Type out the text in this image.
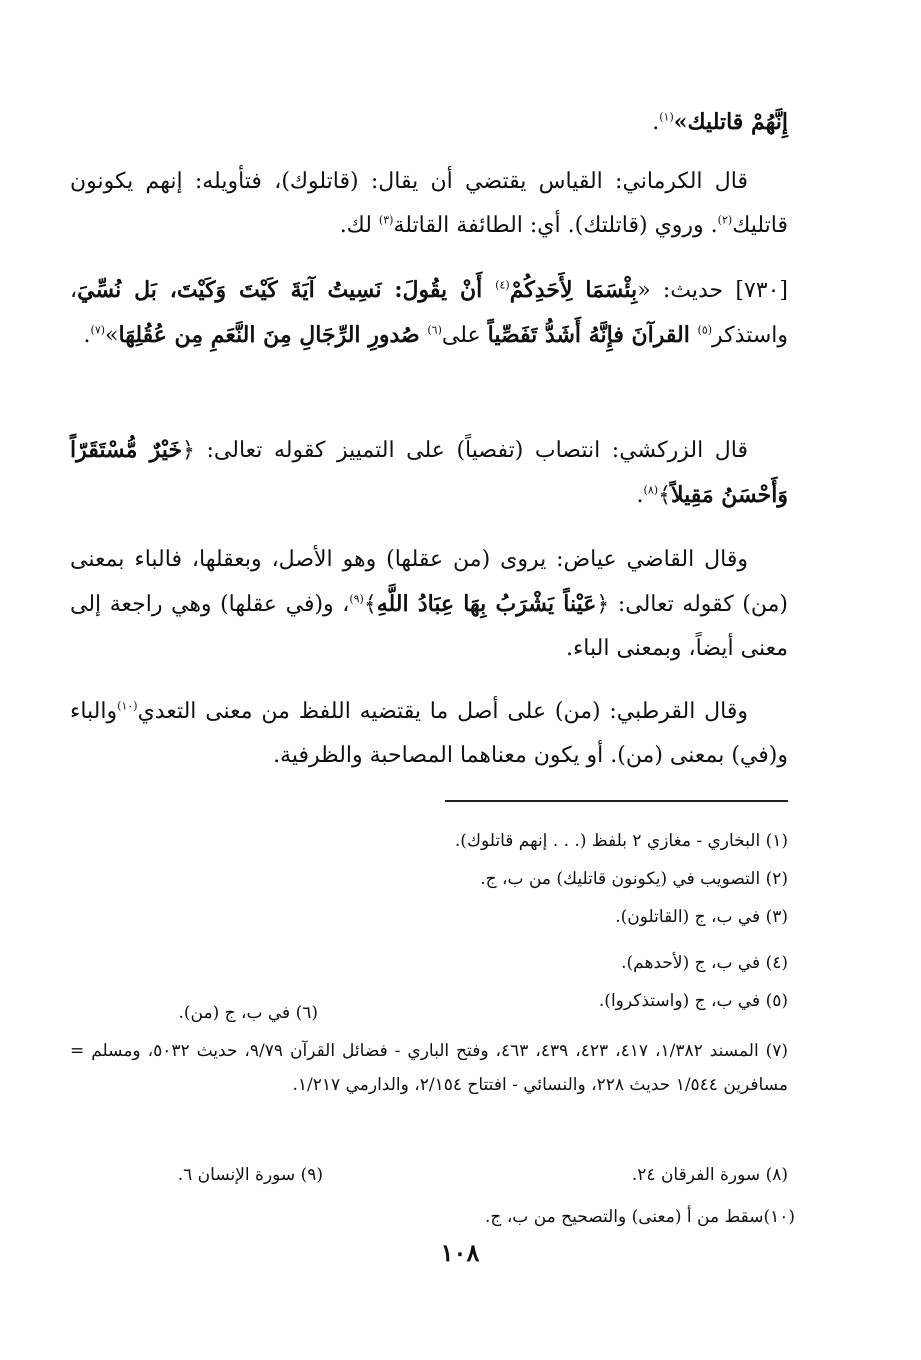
إِنَّهُمْ قاتليك»$^{(١)}$.

قال الكرماني: القياس يقتضي أن يقال: (قاتلوك)، فتأويله: إنهم يكونون قاتليك$^{(٢)}$. وروي (قاتلتك). أي: الطائفة القاتلة$^{(٣)}$ لك.

[٧٣٠] حديث: «بِئْسَمَا لِأَحَدِكُمْ$^{(٤)}$ أَنْ يقُولَ: نَسِيتُ آيَةَ كَيْتَ وَكَيْتَ، بَل نُسِّيَ، واستذكر$^{(٥)}$ القرآنَ فإِنَّهُ أَشَدُّ تَفَصِّياً على$^{(٦)}$ صُدورِ الرِّجَالِ مِنَ النَّعَمِ مِن عُقُلِهَا»$^{(٧)}$.

قال الزركشي: انتصاب (تفصياً) على التمييز كقوله تعالى: ﴿خَيْرٌ مُّسْتَقَرّاً وَأَحْسَنُ مَقِيلاً﴾$^{(٨)}$.

وقال القاضي عياض: يروى (من عقلها) وهو الأصل، وبعقلها، فالباء بمعنى (من) كقوله تعالى: ﴿عَيْناً يَشْرَبُ بِهَا عِبَادُ اللَّهِ﴾$^{(٩)}$، و(في عقلها) وهي راجعة إلى معنى أيضاً، وبمعنى الباء.

وقال القرطبي: (من) على أصل ما يقتضيه اللفظ من معنى التعدي$^{(١٠)}$والباء و(في) بمعنى (من). أو يكون معناهما المصاحبة والظرفية.

(١) البخاري - مغازي ٢ بلفظ (. . . إنهم قاتلوك).
(٢) التصويب في (يكونون قاتليك) من ب، ج.
(٣) في ب، ج (القاتلون).
(٤) في ب، ج (لأحدهم).
(٥) في ب، ج (واستذكروا).
(٦) في ب، ج (من).
(٧) المسند ١/٣٨٢، ٤١٧، ٤٢٣، ٤٣٩، ٤٦٣، وفتح الباري - فضائل القرآن ٩/٧٩، حديث ٥٠٣٢، ومسلم = مسافرين ١/٥٤٤ حديث ٢٢٨، والنسائي - افتتاح ٢/١٥٤، والدارمي ١/٢١٧.
(٨) سورة الفرقان ٢٤.
(٩) سورة الإنسان ٦.
(١٠)سقط من أ (معنى) والتصحيح من ب، ج.
١٠٨
